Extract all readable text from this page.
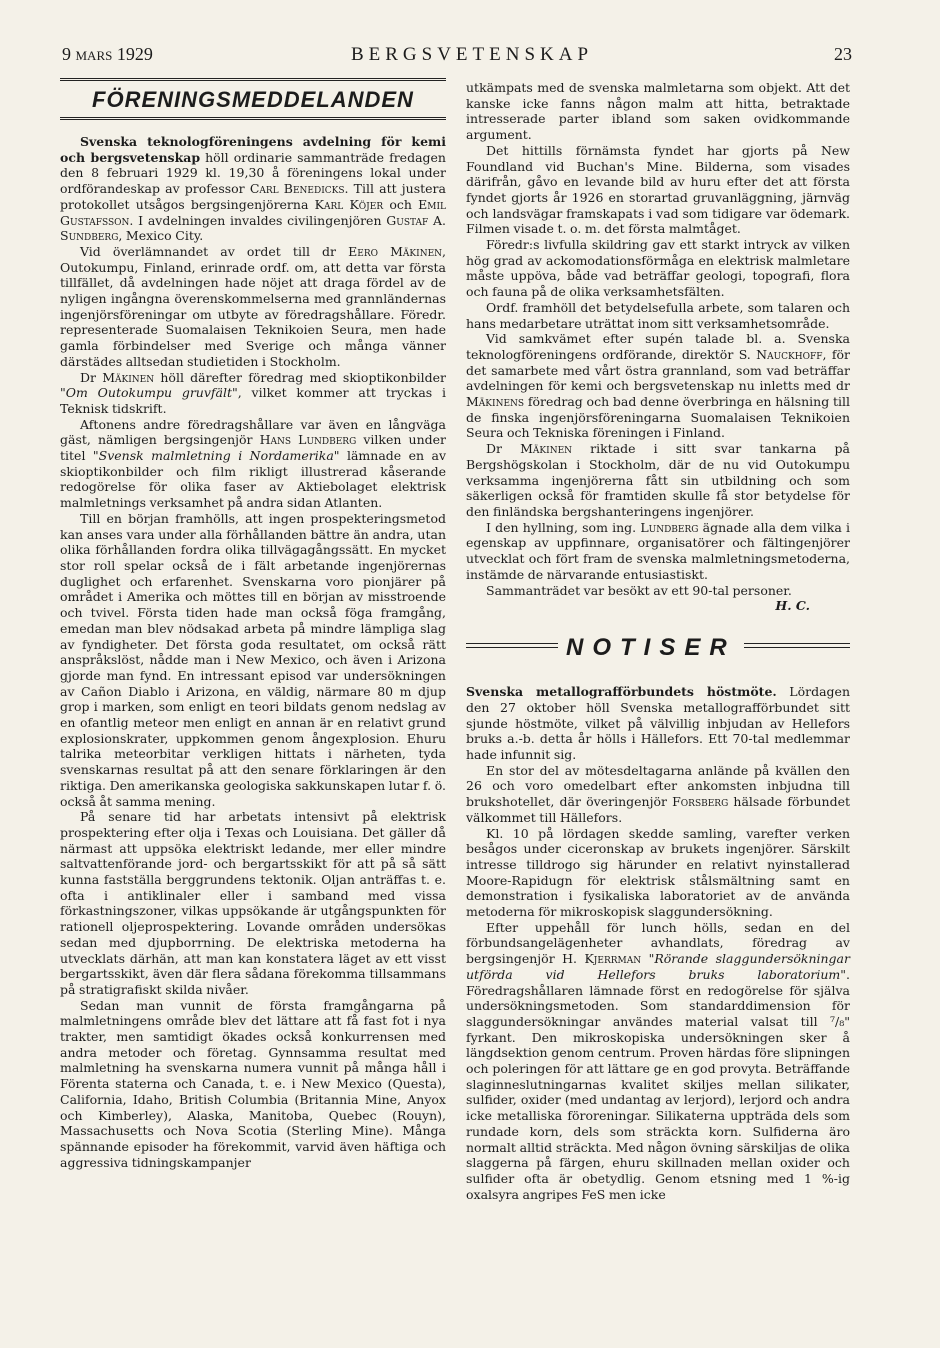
9 mars 1929	BERGSVETENSKAP	23
FÖRENINGSMEDDELANDEN

Svenska teknologföreningens avdelning för kemi och bergsvetenskap höll ordinarie sammanträde fredagen den 8 februari 1929 kl. 19,30 å föreningens lokal under ordförandeskap av professor Carl Benedicks. Till att justera protokollet utsågos bergsingenjörerna Karl Köjer och Emil Gustafsson. I avdelningen invaldes civilingenjören Gustaf A. Sundberg, Mexico City.

Vid överlämnandet av ordet till dr Eero Mäkinen, Outokumpu, Finland, erinrade ordf. om, att detta var första tillfället, då avdelningen hade nöjet att draga fördel av de nyligen ingångna överenskommelserna med grannländernas ingenjörsföreningar om utbyte av föredragshållare. Föredr. representerade Suomalaisen Teknikoien Seura, men hade gamla förbindelser med Sverige och många vänner därstädes alltsedan studietiden i Stockholm.

Dr Mäkinen höll därefter föredrag med skioptikonbilder "Om Outokumpu gruvfält", vilket kommer att tryckas i Teknisk tidskrift.

Aftonens andre föredragshållare var även en långväga gäst, nämligen bergsingenjör Hans Lundberg vilken under titel "Svensk malmletning i Nordamerika" lämnade en av skioptikonbilder och film rikligt illustrerad kåserande redogörelse för olika faser av Aktiebolaget elektrisk malmletnings verksamhet på andra sidan Atlanten.

Till en början framhölls, att ingen prospekteringsmetod kan anses vara under alla förhållanden bättre än andra, utan olika förhållanden fordra olika tillvägagångssätt. En mycket stor roll spelar också de i fält arbetande ingenjörernas duglighet och erfarenhet. Svenskarna voro pionjärer på området i Amerika och möttes till en början av misstroende och tvivel. Första tiden hade man också föga framgång, emedan man blev nödsakad arbeta på mindre lämpliga slag av fyndigheter. Det första goda resultatet, om också rätt anspråkslöst, nådde man i New Mexico, och även i Arizona gjorde man fynd. En intressant episod var undersökningen av Cañon Diablo i Arizona, en väldig, närmare 80 m djup grop i marken, som enligt en teori bildats genom nedslag av en ofantlig meteor men enligt en annan är en relativt grund explosionskrater, uppkommen genom ångexplosion. Ehuru talrika meteorbitar verkligen hittats i närheten, tyda svenskarnas resultat på att den senare förklaringen är den riktiga. Den amerikanska geologiska sakkunskapen lutar f. ö. också åt samma mening.

På senare tid har arbetats intensivt på elektrisk prospektering efter olja i Texas och Louisiana. Det gäller då närmast att uppsöka elektriskt ledande, mer eller mindre saltvattenförande jord- och bergartsskikt för att på så sätt kunna fastställa berggrundens tektonik. Oljan anträffas t. e. ofta i antiklinaler eller i samband med vissa förkastningszoner, vilkas uppsökande är utgångspunkten för rationell oljeprospektering. Lovande områden undersökas sedan med djupborrning. De elektriska metoderna ha utvecklats därhän, att man kan konstatera läget av ett visst bergartsskikt, även där flera sådana förekomma tillsammans på stratigrafiskt skilda nivåer.

Sedan man vunnit de första framgångarna på malmletningens område blev det lättare att få fast fot i nya trakter, men samtidigt ökades också konkurrensen med andra metoder och företag. Gynnsamma resultat med malmletning ha svenskarna numera vunnit på många håll i Förenta staterna och Canada, t. e. i New Mexico (Questa), California, Idaho, British Columbia (Britannia Mine, Anyox och Kimberley), Alaska, Manitoba, Quebec (Rouyn), Massachusetts och Nova Scotia (Sterling Mine). Många spännande episoder ha förekommit, varvid även häftiga och aggressiva tidningskampanjer

utkämpats med de svenska malmletarna som objekt. Att det kanske icke fanns någon malm att hitta, betraktade intresserade parter ibland som saken ovidkommande argument.

Det hittills förnämsta fyndet har gjorts på New Foundland vid Buchan's Mine. Bilderna, som visades därifrån, gåvo en levande bild av huru efter det att första fyndet gjorts år 1926 en storartad gruvanläggning, järnväg och landsvägar framskapats i vad som tidigare var ödemark. Filmen visade t. o. m. det första malmtåget.

Föredr:s livfulla skildring gav ett starkt intryck av vilken hög grad av ackomodationsförmåga en elektrisk malmletare måste uppöva, både vad beträffar geologi, topografi, flora och fauna på de olika verksamhetsfälten.

Ordf. framhöll det betydelsefulla arbete, som talaren och hans medarbetare uträttat inom sitt verksamhetsområde.

Vid samkvämet efter supén talade bl. a. Svenska teknologföreningens ordförande, direktör S. Nauckhoff, för det samarbete med vårt östra grannland, som vad beträffar avdelningen för kemi och bergsvetenskap nu inletts med dr Mäkinens föredrag och bad denne överbringa en hälsning till de finska ingenjörsföreningarna Suomalaisen Teknikoien Seura och Tekniska föreningen i Finland.

Dr Mäkinen riktade i sitt svar tankarna på Bergshögskolan i Stockholm, där de nu vid Outokumpu verksamma ingenjörerna fått sin utbildning och som säkerligen också för framtiden skulle få stor betydelse för den finländska bergshanteringens ingenjörer.

I den hyllning, som ing. Lundberg ägnade alla dem vilka i egenskap av uppfinnare, organisatörer och fältingenjörer utvecklat och fört fram de svenska malmletningsmetoderna, instämde de närvarande entusiastiskt.

Sammanträdet var besökt av ett 90-tal personer.

H. C.
NOTISER

Svenska metallografförbundets höstmöte. Lördagen den 27 oktober höll Svenska metallografförbundet sitt sjunde höstmöte, vilket på välvillig inbjudan av Hellefors bruks a.-b. detta år hölls i Hällefors. Ett 70-tal medlemmar hade infunnit sig.

En stor del av mötesdeltagarna anlände på kvällen den 26 och voro omedelbart efter ankomsten inbjudna till brukshotellet, där överingenjör Forsberg hälsade förbundet välkommet till Hällefors.

Kl. 10 på lördagen skedde samling, varefter verken besågos under ciceronskap av brukets ingenjörer. Särskilt intresse tilldrogo sig härunder en relativt nyinstallerad Moore-Rapidugn för elektrisk stålsmältning samt en demonstration i fysikaliska laboratoriet av de använda metoderna för mikroskopisk slaggundersökning.

Efter uppehåll för lunch hölls, sedan en del förbundsangelägenheter avhandlats, föredrag av bergsingenjör H. Kjerrman "Rörande slaggundersökningar utförda vid Hellefors bruks laboratorium". Föredragshållaren lämnade först en redogörelse för själva undersökningsmetoden. Som standarddimension för slaggundersökningar användes material valsat till ⁷/₈" fyrkant. Den mikroskopiska undersökningen sker å längdsektion genom centrum. Proven härdas före slipningen och poleringen för att lättare ge en god provyta. Beträffande slaginneslutningarnas kvalitet skiljes mellan silikater, sulfider, oxider (med undantag av lerjord), lerjord och andra icke metalliska föroreningar. Silikaterna uppträda dels som rundade korn, dels som sträckta korn. Sulfiderna äro normalt alltid sträckta. Med någon övning särskiljas de olika slaggerna på färgen, ehuru skillnaden mellan oxider och sulfider ofta är obetydlig. Genom etsning med 1 %-ig oxalsyra angripes FeS men icke
